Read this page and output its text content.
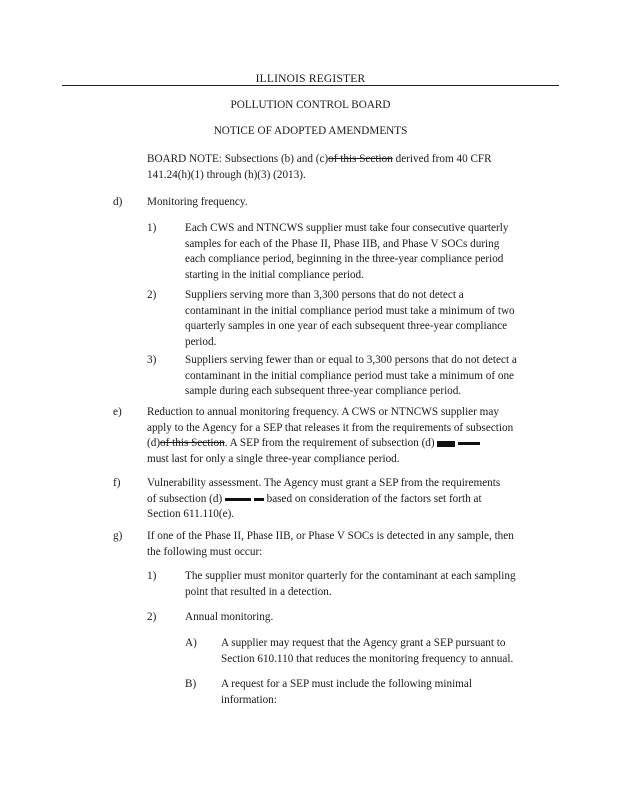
ILLINOIS REGISTER
POLLUTION CONTROL BOARD
NOTICE OF ADOPTED AMENDMENTS
BOARD NOTE: Subsections (b) and (c)of this Section derived from 40 CFR
141.24(h)(1) through (h)(3) (2013).
d) Monitoring frequency.
1)	Each CWS and NTNCWS supplier must take four consecutive quarterly
samples for each of the Phase II, Phase IIB, and Phase V SOCs during
each compliance period, beginning in the three-year compliance period
starting in the initial compliance period.
2)	Suppliers serving more than 3,300 persons that do not detect a
contaminant in the initial compliance period must take a minimum of two
quarterly samples in one year of each subsequent three-year compliance
period.
3)	Suppliers serving fewer than or equal to 3,300 persons that do not detect a
contaminant in the initial compliance period must take a minimum of one
sample during each subsequent three-year compliance period.
e) Reduction to annual monitoring frequency. A CWS or NTNCWS supplier may
apply to the Agency for a SEP that releases it from the requirements of subsection
(d)of this Section. A SEP from the requirement of subsection (d)
must last for only a single three-year compliance period.
f) Vulnerability assessment. The Agency must grant a SEP from the requirements
of subsection (d)	based on consideration of the factors set forth at
Section 611.110(e).
g) If one of the Phase II, Phase IIB, or Phase V SOCs is detected in any sample, then
the following must occur:
1)	The supplier must monitor quarterly for the contaminant at each sampling
point that resulted in a detection.
2)	Annual monitoring.
A) A supplier may request that the Agency grant a SEP pursuant to
Section 610.110 that reduces the monitoring frequency to annual.
B) A request for a SEP must include the following minimal
information:
